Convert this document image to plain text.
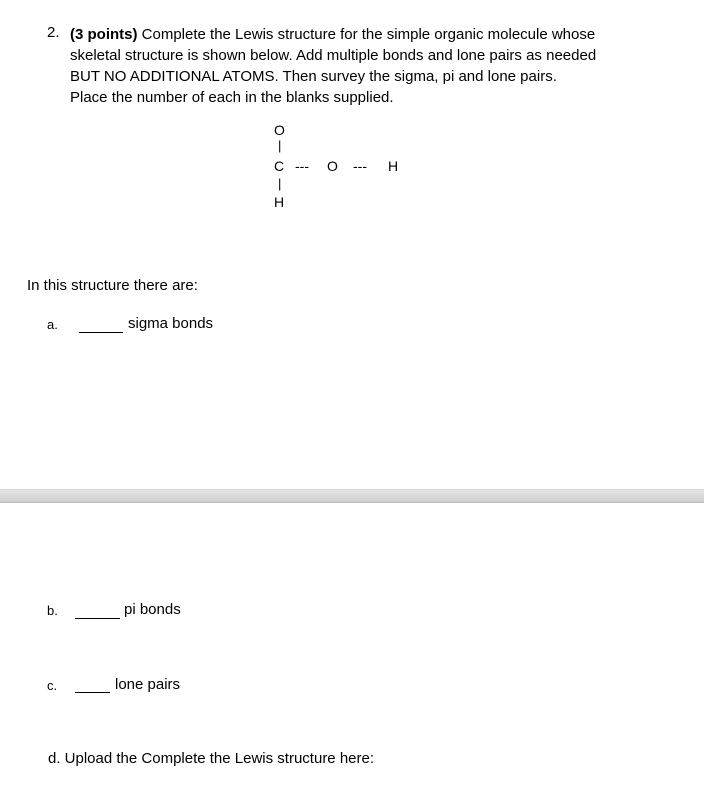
2. (3 points) Complete the Lewis structure for the simple organic molecule whose
skeletal structure is shown below. Add multiple bonds and lone pairs as needed
BUT NO ADDITIONAL ATOMS. Then survey the sigma, pi and lone pairs.
Place the number of each in the blanks supplied.
O
|
C --- O --- H
|
H
In this structure there are:
a.	sigma bonds
b.	pi bonds
c.	lone pairs
d. Upload the Complete the Lewis structure here:
